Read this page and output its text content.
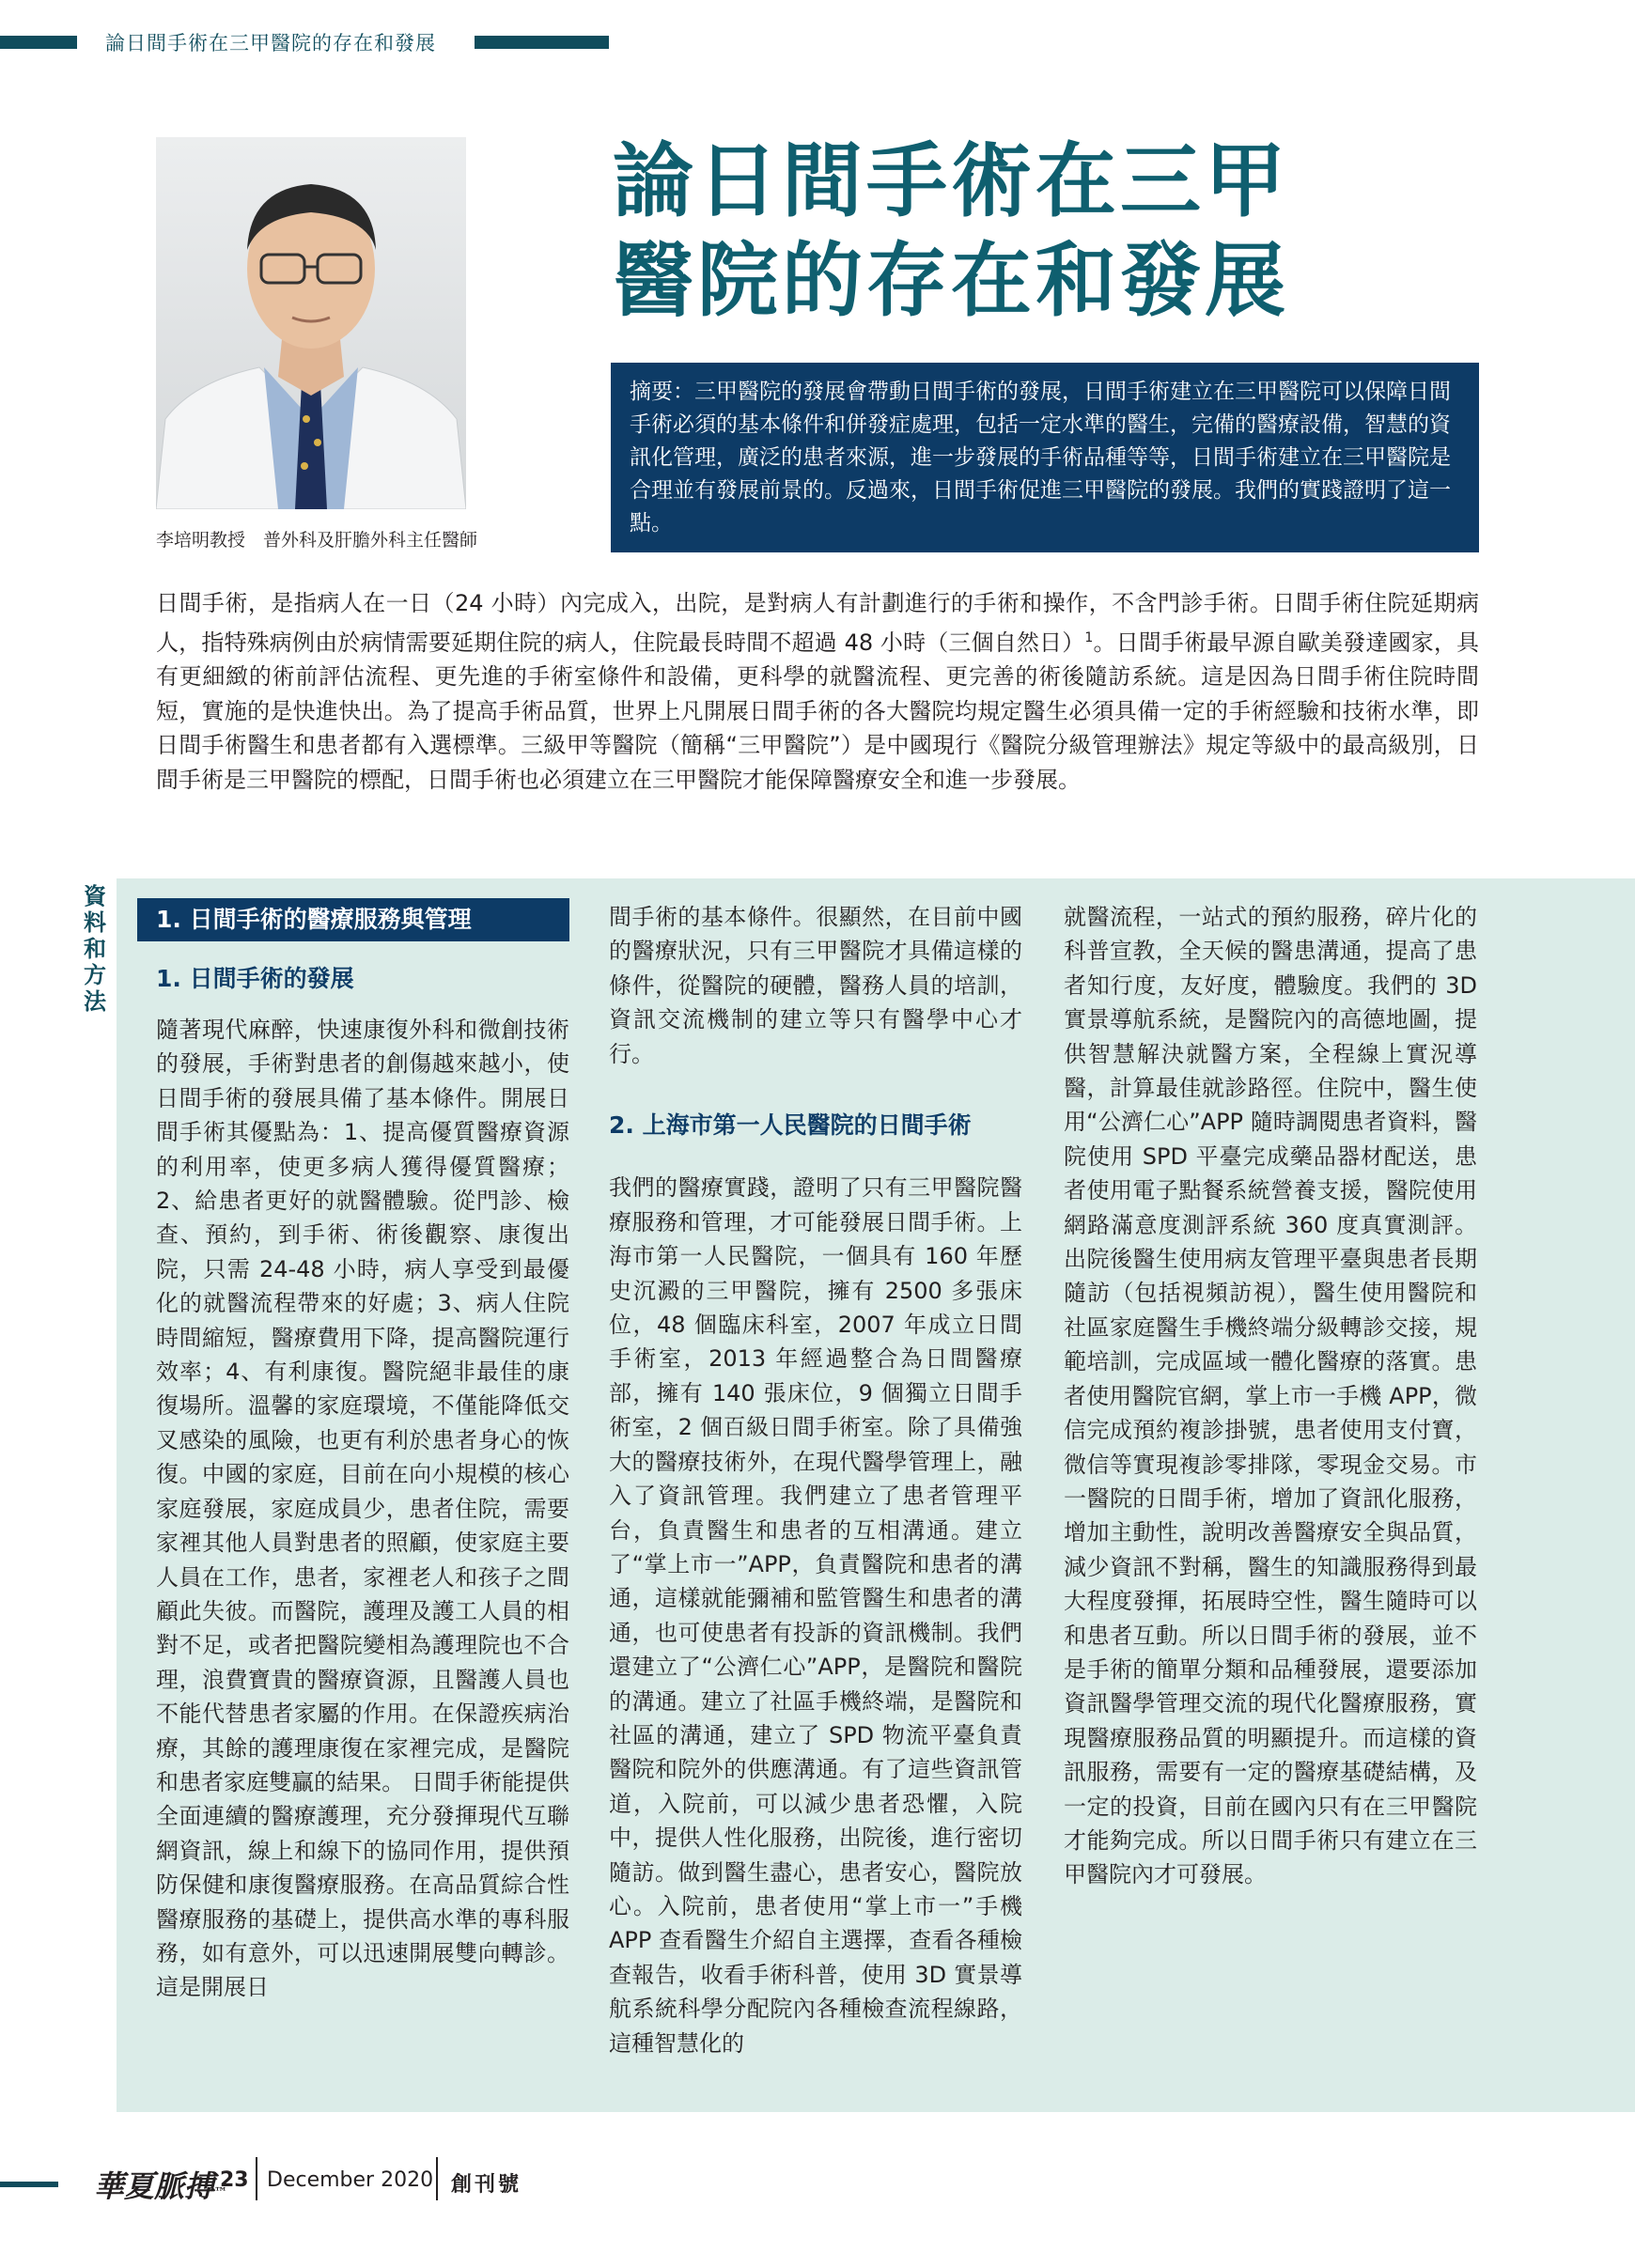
論日間手術在三甲醫院的存在和發展
李培明教授　普外科及肝膽外科主任醫師
論日間手術在三甲
醫院的存在和發展
摘要：三甲醫院的發展會帶動日間手術的發展，日間手術建立在三甲醫院可以保障日間手術必須的基本條件和併發症處理，包括一定水準的醫生，完備的醫療設備，智慧的資訊化管理，廣泛的患者來源，進一步發展的手術品種等等，日間手術建立在三甲醫院是合理並有發展前景的。反過來，日間手術促進三甲醫院的發展。我們的實踐證明了這一點。
日間手術，是指病人在一日（24 小時）內完成入，出院，是對病人有計劃進行的手術和操作，不含門診手術。日間手術住院延期病人，指特殊病例由於病情需要延期住院的病人，住院最長時間不超過 48 小時（三個自然日）$^1$。日間手術最早源自歐美發達國家，具有更細緻的術前評估流程、更先進的手術室條件和設備，更科學的就醫流程、更完善的術後隨訪系統。這是因為日間手術住院時間短，實施的是快進快出。為了提高手術品質，世界上凡開展日間手術的各大醫院均規定醫生必須具備一定的手術經驗和技術水準，即日間手術醫生和患者都有入選標準。三級甲等醫院（簡稱“三甲醫院”）是中國現行《醫院分級管理辦法》規定等級中的最高級別，日間手術是三甲醫院的標配，日間手術也必須建立在三甲醫院才能保障醫療安全和進一步發展。
資料和方法
1. 日間手術的醫療服務與管理
1. 日間手術的發展

隨著現代麻醉，快速康復外科和微創技術的發展，手術對患者的創傷越來越小，使日間手術的發展具備了基本條件。開展日間手術其優點為：1、提高優質醫療資源的利用率，使更多病人獲得優質醫療；2、給患者更好的就醫體驗。從門診、檢查、預約，到手術、術後觀察、康復出院，只需 24-48 小時，病人享受到最優化的就醫流程帶來的好處；3、病人住院時間縮短，醫療費用下降，提高醫院運行效率；4、有利康復。醫院絕非最佳的康復場所。溫馨的家庭環境，不僅能降低交叉感染的風險，也更有利於患者身心的恢復。中國的家庭，目前在向小規模的核心家庭發展，家庭成員少，患者住院，需要家裡其他人員對患者的照顧，使家庭主要人員在工作，患者，家裡老人和孩子之間顧此失彼。而醫院，護理及護工人員的相對不足，或者把醫院變相為護理院也不合理，浪費寶貴的醫療資源，且醫護人員也不能代替患者家屬的作用。在保證疾病治療，其餘的護理康復在家裡完成，是醫院和患者家庭雙贏的結果。 日間手術能提供全面連續的醫療護理，充分發揮現代互聯網資訊，線上和線下的協同作用，提供預防保健和康復醫療服務。在高品質綜合性醫療服務的基礎上，提供高水準的專科服務，如有意外，可以迅速開展雙向轉診。這是開展日

間手術的基本條件。很顯然，在目前中國的醫療狀況，只有三甲醫院才具備這樣的條件，從醫院的硬體，醫務人員的培訓，資訊交流機制的建立等只有醫學中心才行。

2. 上海市第一人民醫院的日間手術

我們的醫療實踐，證明了只有三甲醫院醫療服務和管理，才可能發展日間手術。上海市第一人民醫院，一個具有 160 年歷史沉澱的三甲醫院，擁有 2500 多張床位，48 個臨床科室，2007 年成立日間手術室，2013 年經過整合為日間醫療部，擁有 140 張床位，9 個獨立日間手術室，2 個百級日間手術室。除了具備強大的醫療技術外，在現代醫學管理上，融入了資訊管理。我們建立了患者管理平台，負責醫生和患者的互相溝通。建立了“掌上市一”APP，負責醫院和患者的溝通，這樣就能彌補和監管醫生和患者的溝通，也可使患者有投訴的資訊機制。我們還建立了“公濟仁心”APP，是醫院和醫院的溝通。建立了社區手機終端，是醫院和社區的溝通，建立了 SPD 物流平臺負責醫院和院外的供應溝通。有了這些資訊管道，入院前，可以減少患者恐懼，入院中，提供人性化服務，出院後，進行密切隨訪。做到醫生盡心，患者安心，醫院放心。入院前，患者使用“掌上市一”手機 APP 查看醫生介紹自主選擇，查看各種檢查報告，收看手術科普，使用 3D 實景導航系統科學分配院內各種檢查流程線路，這種智慧化的

就醫流程，一站式的預約服務，碎片化的科普宣教，全天候的醫患溝通，提高了患者知行度，友好度，體驗度。我們的 3D 實景導航系統，是醫院內的高德地圖，提供智慧解決就醫方案，全程線上實況導醫，計算最佳就診路徑。住院中，醫生使用“公濟仁心”APP 隨時調閱患者資料，醫院使用 SPD 平臺完成藥品器材配送，患者使用電子點餐系統營養支援，醫院使用網路滿意度測評系統 360 度真實測評。出院後醫生使用病友管理平臺與患者長期隨訪（包括視頻訪視），醫生使用醫院和社區家庭醫生手機終端分級轉診交接，規範培訓，完成區域一體化醫療的落實。患者使用醫院官網，掌上市一手機 APP，微信完成預約複診掛號，患者使用支付寶，微信等實現複診零排隊，零現金交易。市一醫院的日間手術，增加了資訊化服務，增加主動性，說明改善醫療安全與品質，減少資訊不對稱，醫生的知識服務得到最大程度發揮，拓展時空性，醫生隨時可以和患者互動。所以日間手術的發展，並不是手術的簡單分類和品種發展，還要添加資訊醫學管理交流的現代化醫療服務，實現醫療服務品質的明顯提升。而這樣的資訊服務，需要有一定的醫療基礎結構，及一定的投資，目前在國內只有在三甲醫院才能夠完成。所以日間手術只有建立在三甲醫院內才可發展。

華夏脈搏™
23 December 2020 創刊號
